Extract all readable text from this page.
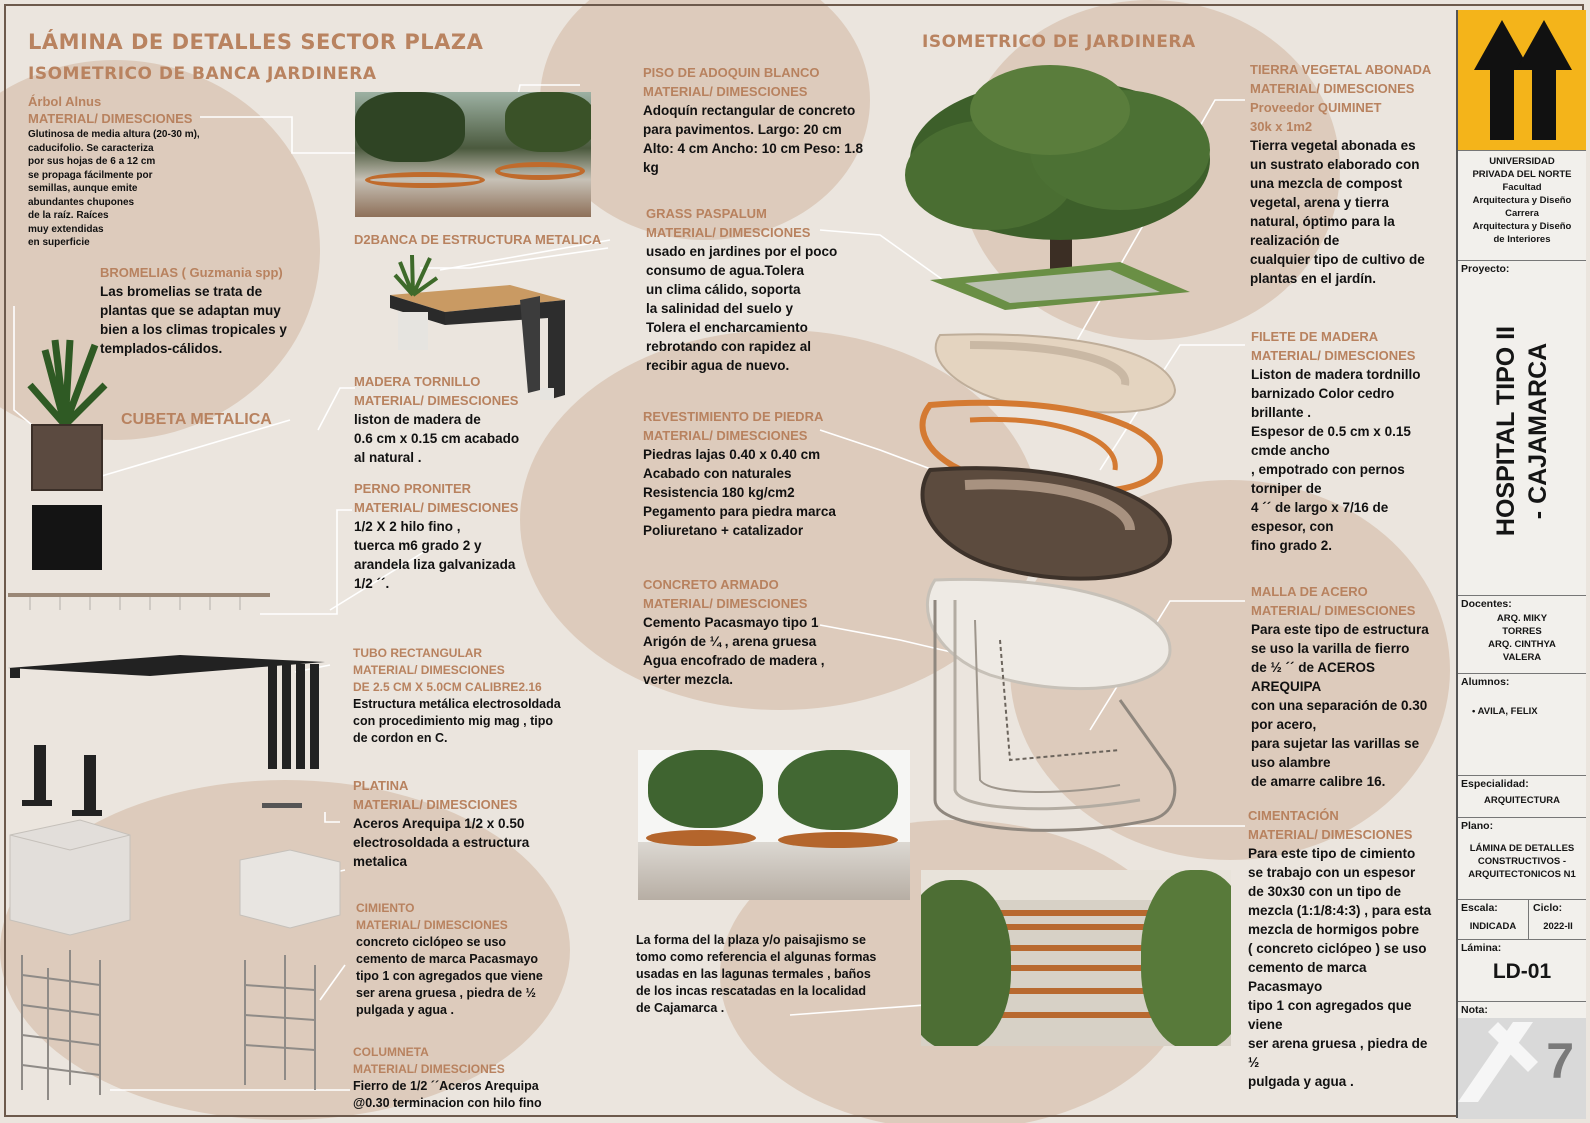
LÁMINA DE DETALLES SECTOR PLAZA
ISOMETRICO DE BANCA JARDINERA
ISOMETRICO DE JARDINERA
Árbol Alnus
MATERIAL/ DIMESCIONES
Glutinosa de media altura (20-30 m),
caducifolio. Se caracteriza
por sus hojas de 6 a 12 cm
se propaga fácilmente por
semillas, aunque emite
abundantes chupones
de la raíz. Raíces
muy extendidas
en superficie
BROMELIAS ( Guzmania spp)
Las bromelias se trata de
plantas que se adaptan muy
bien a los climas tropicales y
templados-cálidos.
CUBETA METALICA
D2BANCA DE ESTRUCTURA METALICA
MADERA TORNILLO
MATERIAL/ DIMESCIONES
liston de madera de
0.6 cm x 0.15 cm acabado
al natural .
PERNO PRONITER
MATERIAL/ DIMESCIONES
1/2 X 2 hilo fino ,
tuerca m6 grado 2 y
arandela liza galvanizada
1/2 ´´.
TUBO RECTANGULAR
MATERIAL/ DIMESCIONES
DE 2.5 CM X 5.0CM CALIBRE2.16
Estructura metálica electrosoldada
con procedimiento mig mag , tipo
de cordon en C.
PLATINA
MATERIAL/ DIMESCIONES
Aceros Arequipa 1/2 x 0.50
electrosoldada a estructura
metalica
CIMIENTO
MATERIAL/ DIMESCIONES
concreto ciclópeo se uso
cemento de marca Pacasmayo
tipo 1 con agregados que viene
ser arena gruesa , piedra de ½
pulgada y agua .
COLUMNETA
MATERIAL/ DIMESCIONES
Fierro de 1/2 ´´Aceros Arequipa
@0.30 terminacion con hilo fino
PISO DE ADOQUIN BLANCO
MATERIAL/ DIMESCIONES
Adoquín rectangular de concreto
para pavimentos. Largo: 20 cm
Alto: 4 cm Ancho: 10 cm Peso: 1.8
kg
GRASS PASPALUM
MATERIAL/ DIMESCIONES
usado en jardines por el poco
consumo de agua.Tolera
un clima cálido, soporta
la salinidad del suelo y
Tolera el encharcamiento
rebrotando con rapidez al
recibir agua de nuevo.
REVESTIMIENTO DE PIEDRA
MATERIAL/ DIMESCIONES
Piedras lajas 0.40 x 0.40 cm
Acabado con naturales
Resistencia 180 kg/cm2
Pegamento para piedra marca
Poliuretano + catalizador
CONCRETO ARMADO
MATERIAL/ DIMESCIONES
Cemento Pacasmayo tipo 1
Arigón de ¼ , arena gruesa
Agua encofrado de madera ,
verter mezcla.
La forma del la plaza y/o paisajismo se
tomo como referencia el algunas formas
usadas en las lagunas termales , baños
de los incas rescatadas en la localidad
de Cajamarca .
TIERRA VEGETAL ABONADA
MATERIAL/ DIMESCIONES
Proveedor QUIMINET
30k x 1m2
Tierra vegetal abonada es
un sustrato elaborado con
una mezcla de compost
vegetal, arena y tierra
natural, óptimo para la
realización de
cualquier tipo de cultivo de
plantas en el jardín.
FILETE DE MADERA
MATERIAL/ DIMESCIONES
Liston de madera tordnillo
barnizado Color cedro
brillante .
Espesor de 0.5 cm x 0.15
cmde ancho
, empotrado con pernos
torniper de
4 ´´ de largo x 7/16 de
espesor, con
fino grado 2.
MALLA DE ACERO
MATERIAL/ DIMESCIONES
Para este tipo de estructura
se uso la varilla de fierro
de ½ ´´ de ACEROS
AREQUIPA
con una separación de 0.30
por acero,
para sujetar las varillas se
uso alambre
de amarre calibre 16.
CIMENTACIÓN
MATERIAL/ DIMESCIONES
Para este tipo de cimiento
se trabajo con un espesor
de 30x30 con un tipo de
mezcla (1:1/8:4:3) , para esta
mezcla de hormigos pobre
( concreto ciclópeo ) se uso
cemento de marca
Pacasmayo
tipo 1 con agregados que
viene
ser arena gruesa , piedra de
½
pulgada y agua .
UNIVERSIDAD
PRIVADA DEL NORTE
Facultad
Arquitectura y Diseño
Carrera
Arquitectura y Diseño
de Interiores
Proyecto:
HOSPITAL TIPO II
- CAJAMARCA
Docentes:
ARQ. MIKY
TORRES
ARQ. CINTHYA
VALERA
Alumnos:
• AVILA, FELIX
Especialidad:
ARQUITECTURA
Plano:
LÁMINA DE DETALLES
CONSTRUCTIVOS -
ARQUITECTONICOS N1
Escala:
INDICADA
Ciclo:
2022-II
Lámina:
LD-01
Nota:
7
